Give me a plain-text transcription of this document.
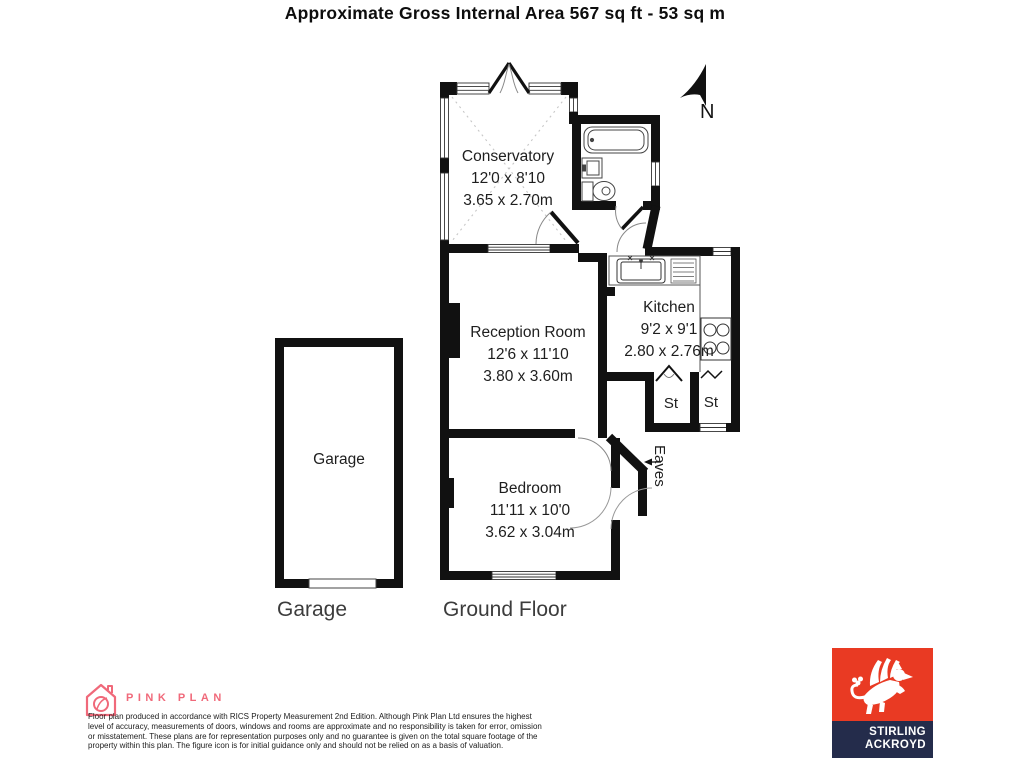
Approximate Gross Internal Area 567 sq ft - 53 sq m
Conservatory
12'0 x 8'10
3.65 x 2.70m
Reception Room
12'6 x 11'10
3.80 x 3.60m
Kitchen
9'2 x 9'1
2.80 x 2.76m
Bedroom
11'11 x 10'0
3.62 x 3.04m
Garage
St	St
Eaves
N
Garage	Ground Floor
PINK PLAN
Floor plan produced in accordance with RICS Property Measurement 2nd Edition. Although Pink Plan Ltd ensures the highest
level of accuracy, measurements of doors, windows and rooms are approximate and no responsibility is taken for error, omission
or misstatement. These plans are for representation purposes only and no guarantee is given on the total square footage of the
property within this plan. The figure icon is for initial guidance only and should not be relied on as a basis of valuation.
STIRLING
ACKROYD
